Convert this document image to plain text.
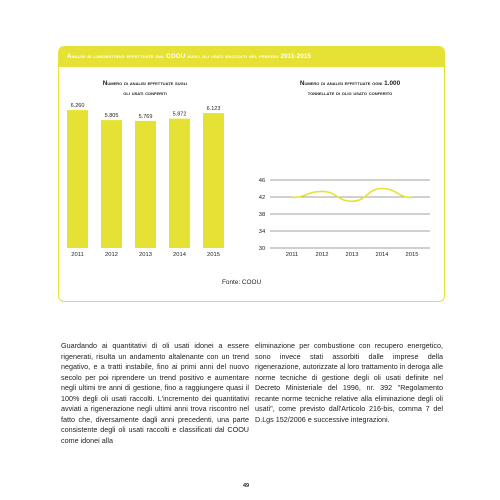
Analisi di laboratorio effettuate dal COOU sugli oli usati raccolti nel periodo 2011-2015
Numero di analisi effettuate sugli
oli usati conferiti
Numero di analisi effettuate ogni 1.000
tonnellate di olio usato conferito
6.260
2011
5.805
2012
5.769
2013
5.872
2014
6.123
2015
46
42
38
34
30
2011	2012	2013	2014	2015
Fonte: COOU
Guardando ai quantitativi di oli usati idonei a essere rigenerati, risulta un andamento altalenante con un trend negativo, e a tratti instabile, fino ai primi anni del nuovo secolo per poi riprendere un trend positivo e aumentare negli ultimi tre anni di gestione, fino a raggiungere quasi il 100% degli oli usati raccolti. L'incremento dei quantitativi avviati a rigenerazione negli ultimi anni trova riscontro nel fatto che, diversamente dagli anni precedenti, una parte consistente degli oli usati raccolti e classificati dal COOU come idonei alla
eliminazione per combustione con recupero energetico, sono invece stati assorbiti dalle imprese della rigenerazione, autorizzate al loro trattamento in deroga alle norme tecniche di gestione degli oli usati definite nel Decreto Ministeriale del 1996, nr. 392 "Regolamento recante norme tecniche relative alla eliminazione degli oli usati", come previsto dall'Articolo 216-bis, comma 7 del D.Lgs 152/2006 e successive integrazioni.
49
